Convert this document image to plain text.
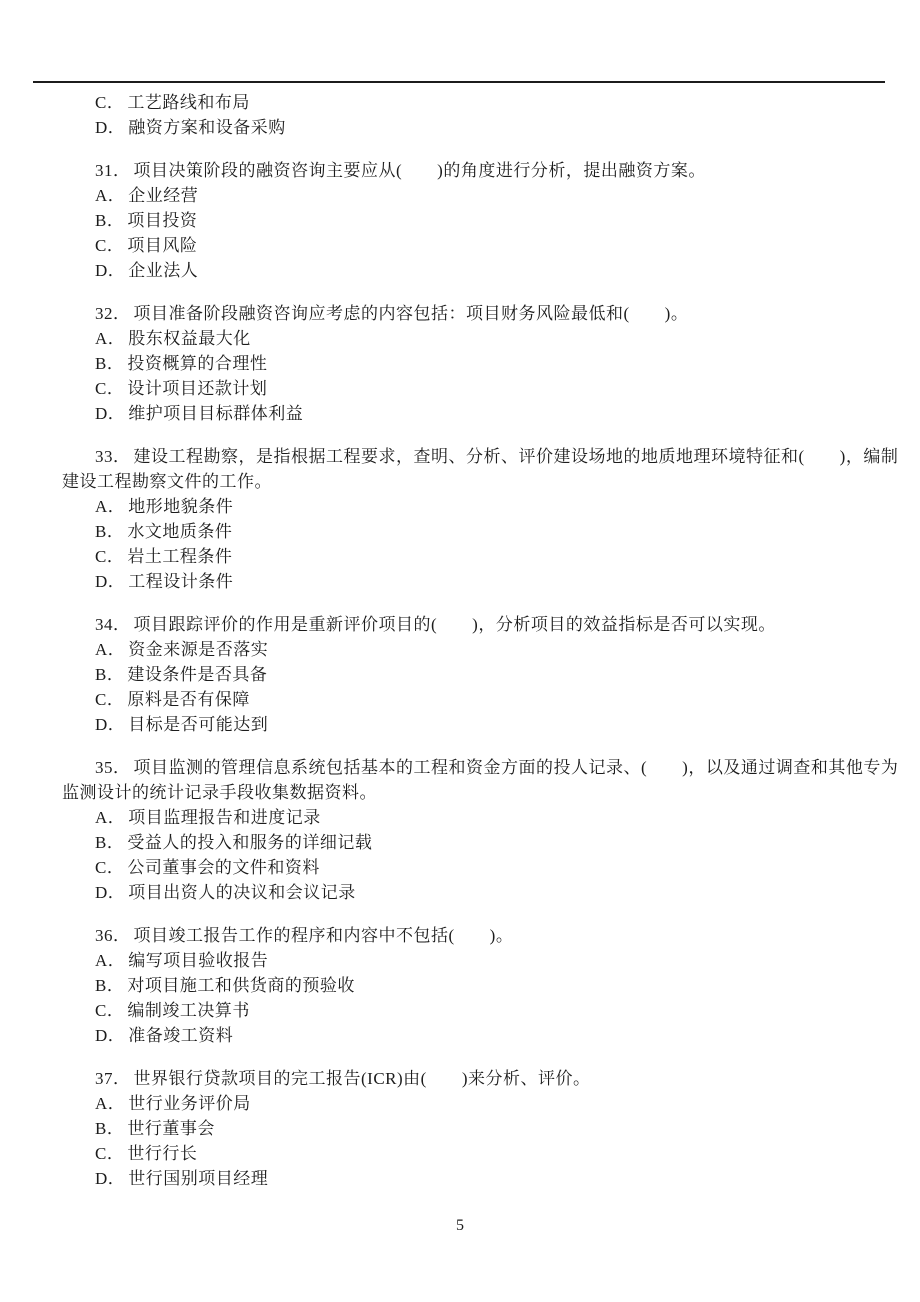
C． 工艺路线和布局
D． 融资方案和设备采购
31． 项目决策阶段的融资咨询主要应从(　　)的角度进行分析，提出融资方案。
A． 企业经营
B． 项目投资
C． 项目风险
D． 企业法人
32． 项目准备阶段融资咨询应考虑的内容包括：项目财务风险最低和(　　)。
A． 股东权益最大化
B． 投资概算的合理性
C． 设计项目还款计划
D． 维护项目目标群体利益
33． 建设工程勘察，是指根据工程要求，查明、分析、评价建设场地的地质地理环境特征和(　　)，编制
建设工程勘察文件的工作。
A． 地形地貌条件
B． 水文地质条件
C． 岩土工程条件
D． 工程设计条件
34． 项目跟踪评价的作用是重新评价项目的(　　)，分析项目的效益指标是否可以实现。
A． 资金来源是否落实
B． 建设条件是否具备
C． 原料是否有保障
D． 目标是否可能达到
35． 项目监测的管理信息系统包括基本的工程和资金方面的投人记录、(　　)，以及通过调查和其他专为
监测设计的统计记录手段收集数据资料。
A． 项目监理报告和进度记录
B． 受益人的投入和服务的详细记载
C． 公司董事会的文件和资料
D． 项目出资人的决议和会议记录
36． 项目竣工报告工作的程序和内容中不包括(　　)。
A． 编写项目验收报告
B． 对项目施工和供货商的预验收
C． 编制竣工决算书
D． 准备竣工资料
37． 世界银行贷款项目的完工报告(ICR)由(　　)来分析、评价。
A． 世行业务评价局
B． 世行董事会
C． 世行行长
D． 世行国别项目经理
5
